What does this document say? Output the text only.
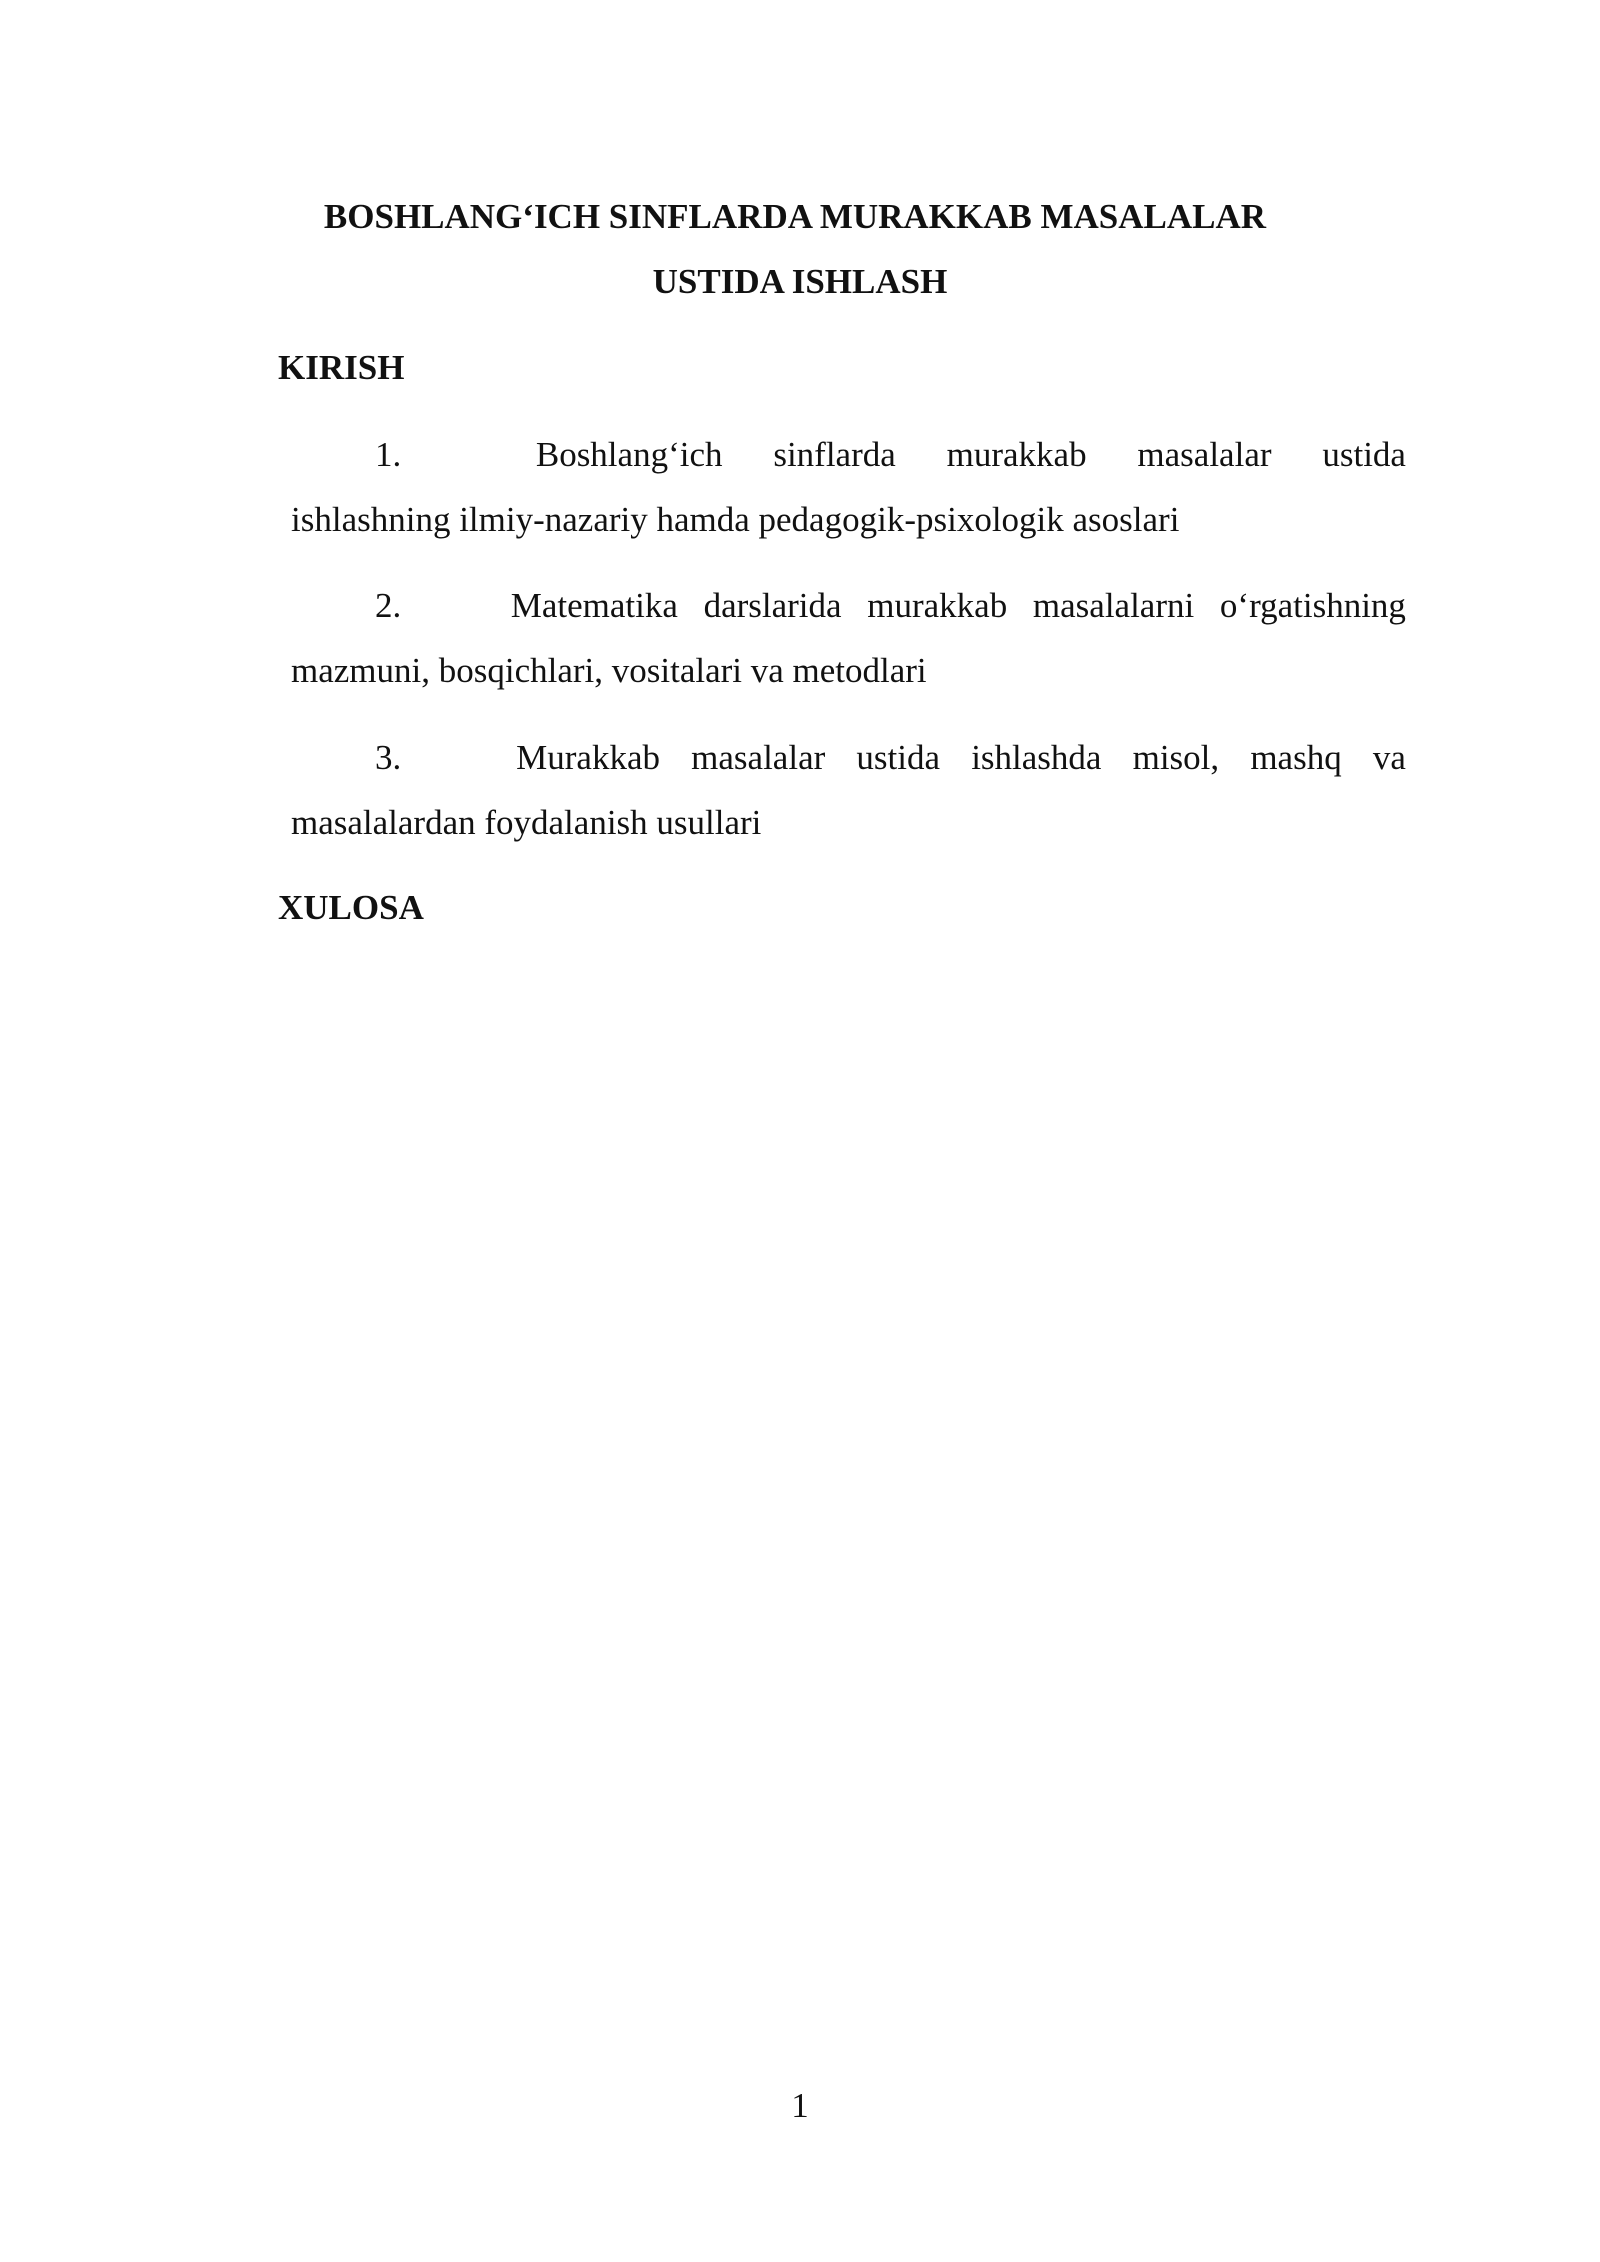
BOSHLANG‘ICH SINFLARDA MURAKKAB MASALALAR
USTIDA ISHLASH
KIRISH
1.	Boshlang‘ich sinflarda murakkab masalalar ustida
ishlashning ilmiy-nazariy hamda pedagogik-psixologik asoslari
2.	Matematika darslarida murakkab masalalarni o‘rgatishning
mazmuni, bosqichlari, vositalari va metodlari
3.	Murakkab masalalar ustida ishlashda misol, mashq va
masalalardan foydalanish usullari
XULOSA
1
